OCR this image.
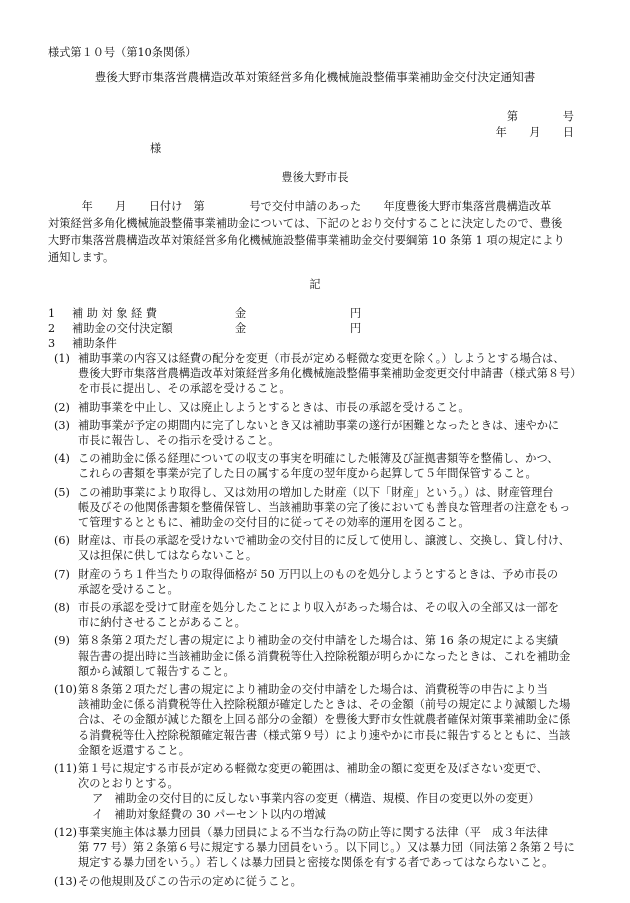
様式第１０号（第10条関係）
豊後大野市集落営農構造改革対策経営多角化機械施設整備事業補助金交付決定通知書
第　　　　号
年　　月　　日
様
豊後大野市長

　　　年　　月　　日付け　第　　　　号で交付申請のあった　　年度豊後大野市集落営農構造改革

対策経営多角化機械施設整備事業補助金については、下記のとおり交付することに決定したので、豊後

大野市集落営農構造改革対策経営多角化機械施設整備事業補助金交付要綱第 10 条第 1 項の規定により

通知します。

記
1 補 助 対 象 経 費	金	円
2 補助金の交付決定額	金	円
3 補助条件
(1) 補助事業の内容又は経費の配分を変更（市長が定める軽微な変更を除く。）しようとする場合は、

豊後大野市集落営農構造改革対策経営多角化機械施設整備事業補助金変更交付申請書（様式第８号）

を市長に提出し、その承認を受けること。

(2) 補助事業を中止し、又は廃止しようとするときは、市長の承認を受けること。

(3) 補助事業が予定の期間内に完了しないとき又は補助事業の遂行が困難となったときは、速やかに

市長に報告し、その指示を受けること。

(4) この補助金に係る経理についての収支の事実を明確にした帳簿及び証拠書類等を整備し、かつ、

これらの書類を事業が完了した日の属する年度の翌年度から起算して５年間保管すること。

(5) この補助事業により取得し、又は効用の増加した財産（以下「財産」という。）は、財産管理台

帳及びその他関係書類を整備保管し、当該補助事業の完了後においても善良な管理者の注意をもっ

て管理するとともに、補助金の交付目的に従ってその効率的運用を図ること。

(6) 財産は、市長の承認を受けないで補助金の交付目的に反して使用し、譲渡し、交換し、貸し付け、

又は担保に供してはならないこと。

(7) 財産のうち１件当たりの取得価格が 50 万円以上のものを処分しようとするときは、予め市長の

承認を受けること。

(8) 市長の承認を受けて財産を処分したことにより収入があった場合は、その収入の全部又は一部を

市に納付させることがあること。

(9) 第８条第２項ただし書の規定により補助金の交付申請をした場合は、第 16 条の規定による実績

報告書の提出時に当該補助金に係る消費税等仕入控除税額が明らかになったときは、これを補助金

額から減額して報告すること。

(10) 第８条第２項ただし書の規定により補助金の交付申請をした場合は、消費税等の申告により当

該補助金に係る消費税等仕入控除税額が確定したときは、その金額（前号の規定により減額した場

合は、その金額が減じた額を上回る部分の金額）を豊後大野市女性就農者確保対策事業補助金に係

る消費税等仕入控除税額確定報告書（様式第９号）により速やかに市長に報告するとともに、当該

金額を返還すること。

(11) 第１号に規定する市長が定める軽微な変更の範囲は、補助金の額に変更を及ぼさない変更で、

次のとおりとする。

ア　補助金の交付目的に反しない事業内容の変更（構造、規模、作目の変更以外の変更）

イ　補助対象経費の 30 パーセント以内の増減

(12) 事業実施主体は暴力団員（暴力団員による不当な行為の防止等に関する法律（平　成３年法律

第 77 号）第２条第６号に規定する暴力団員をいう。以下同じ。）又は暴力団（同法第２条第２号に

規定する暴力団をいう。）若しくは暴力団員と密接な関係を有する者であってはならないこと。

(13) その他規則及びこの告示の定めに従うこと。
